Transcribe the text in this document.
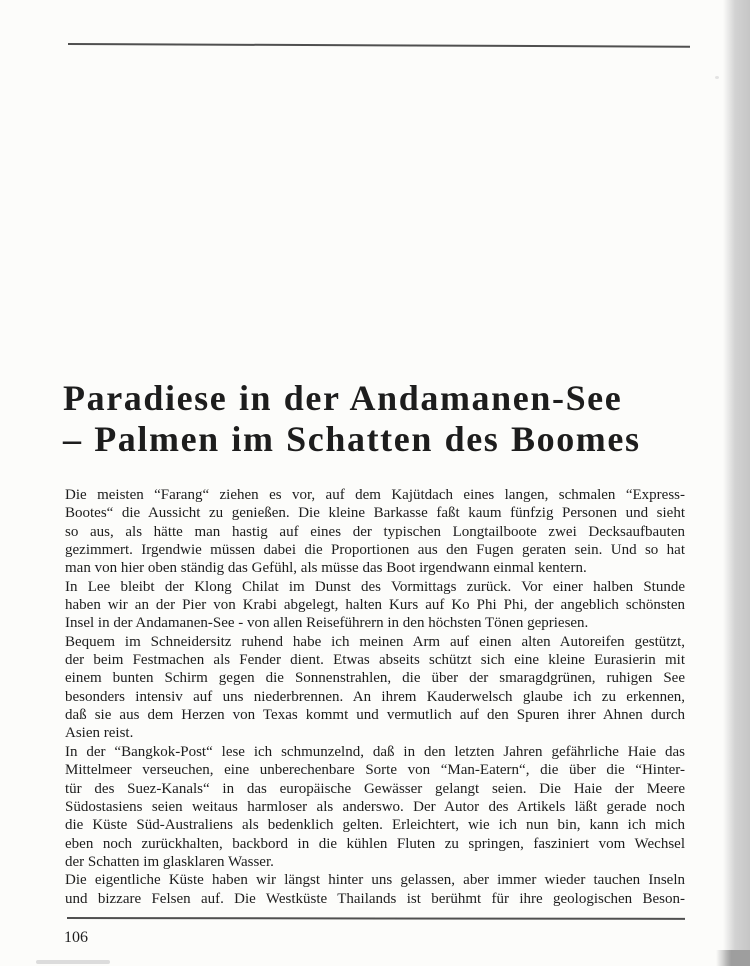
Paradiese in der Andamanen-See
– Palmen im Schatten des Boomes
Die meisten “Farang“ ziehen es vor, auf dem Kajütdach eines langen, schmalen “Express-
Bootes“ die Aussicht zu genießen. Die kleine Barkasse faßt kaum fünfzig Personen und sieht
so aus, als hätte man hastig auf eines der typischen Longtailboote zwei Decksaufbauten
gezimmert. Irgendwie müssen dabei die Proportionen aus den Fugen geraten sein. Und so hat
man von hier oben ständig das Gefühl, als müsse das Boot irgendwann einmal kentern.
In Lee bleibt der Klong Chilat im Dunst des Vormittags zurück. Vor einer halben Stunde
haben wir an der Pier von Krabi abgelegt, halten Kurs auf Ko Phi Phi, der angeblich schönsten
Insel in der Andamanen-See - von allen Reiseführern in den höchsten Tönen gepriesen.
Bequem im Schneidersitz ruhend habe ich meinen Arm auf einen alten Autoreifen gestützt,
der beim Festmachen als Fender dient. Etwas abseits schützt sich eine kleine Eurasierin mit
einem bunten Schirm gegen die Sonnenstrahlen, die über der smaragdgrünen, ruhigen See
besonders intensiv auf uns niederbrennen. An ihrem Kauderwelsch glaube ich zu erkennen,
daß sie aus dem Herzen von Texas kommt und vermutlich auf den Spuren ihrer Ahnen durch
Asien reist.
In der “Bangkok-Post“ lese ich schmunzelnd, daß in den letzten Jahren gefährliche Haie das
Mittelmeer verseuchen, eine unberechenbare Sorte von “Man-Eatern“, die über die “Hinter-
tür des Suez-Kanals“ in das europäische Gewässer gelangt seien. Die Haie der Meere
Südostasiens seien weitaus harmloser als anderswo. Der Autor des Artikels läßt gerade noch
die Küste Süd-Australiens als bedenklich gelten. Erleichtert, wie ich nun bin, kann ich mich
eben noch zurückhalten, backbord in die kühlen Fluten zu springen, fasziniert vom Wechsel
der Schatten im glasklaren Wasser.
Die eigentliche Küste haben wir längst hinter uns gelassen, aber immer wieder tauchen Inseln
und bizzare Felsen auf. Die Westküste Thailands ist berühmt für ihre geologischen Beson-
106
